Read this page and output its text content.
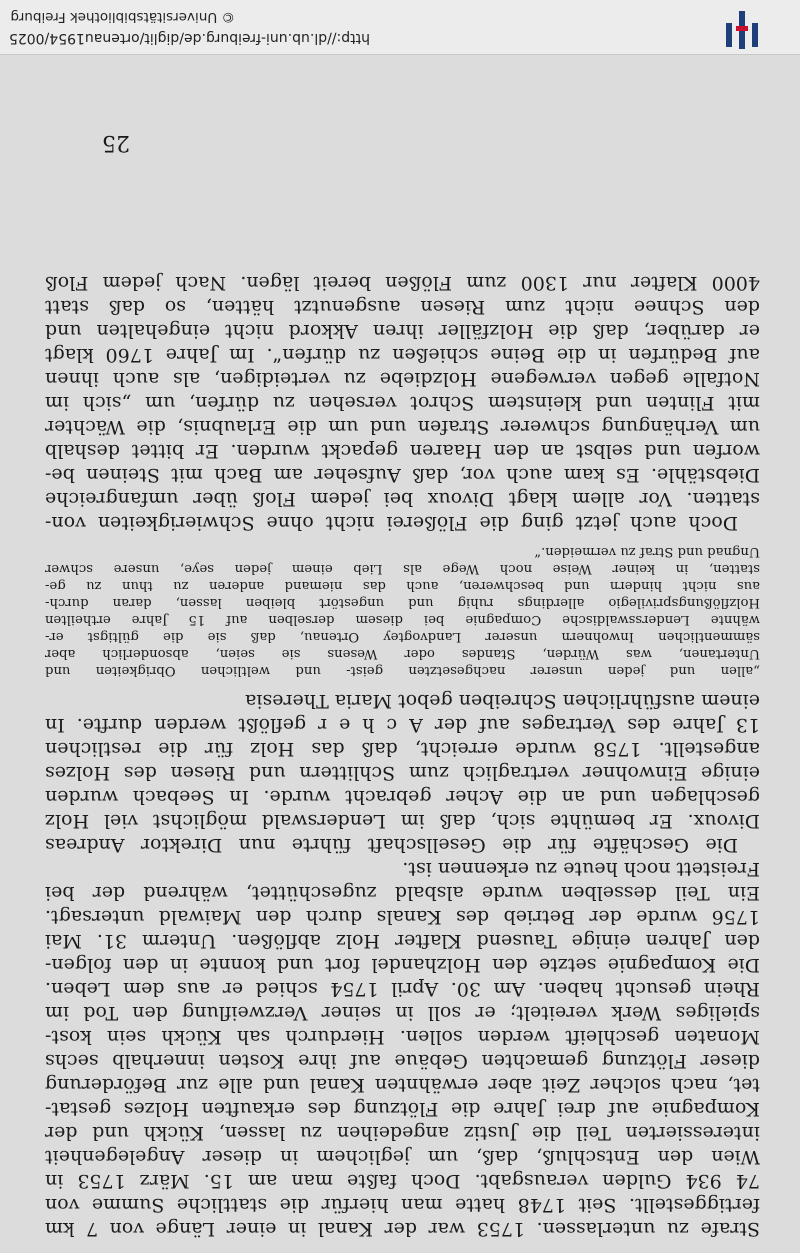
Strafe zu unterlassen. 1753 war der Kanal in einer Länge von 7 km
fertiggestellt. Seit 1748 hatte man hierfür die stattliche Summe von
74 934 Gulden verausgabt. Doch faßte man am 15. März 1753 in
Wien den Entschluß, daß, um jeglichem in dieser Angelegenheit
interessierten Teil die Justiz angedeihen zu lassen, Kückh und der
Kompagnie auf drei Jahre die Flötzung des erkauften Holzes gestat-
tet, nach solcher Zeit aber erwähnten Kanal und alle zur Beförderung
dieser Flötzung gemachten Gebäue auf ihre Kosten innerhalb sechs
Monaten geschleift werden sollen. Hierdurch sah Kückh sein kost-
spieliges Werk vereitelt; er soll in seiner Verzweiflung den Tod im
Rhein gesucht haben. Am 30. April 1754 schied er aus dem Leben.
Die Kompagnie setzte den Holzhandel fort und konnte in den folgen-
den Jahren einige Tausend Klafter Holz abflößen. Unterm 31. Mai
1756 wurde der Betrieb des Kanals durch den Maiwald untersagt.
Ein Teil desselben wurde alsbald zugeschüttet, während der bei
Freistett noch heute zu erkennen ist.
Die Geschäfte für die Gesellschaft führte nun Direktor Andreas
Divoux. Er bemühte sich, daß im Lenderswald möglichst viel Holz
geschlagen und an die Acher gebracht wurde. In Seebach wurden
einige Einwohner vertraglich zum Schlittern und Riesen des Holzes
angestellt. 1758 wurde erreicht, daß das Holz für die restlichen
13 Jahre des Vertrages auf der A c h e r geflößt werden durfte. In
einem ausführlichen Schreiben gebot Maria Theresia
„allen und jeden unserer nachgesetzten geist- und weltlichen Obrigkeiten und
Untertanen, was Würden, Standes oder Wesens sie seien, absonderlich aber
sämmentlichen Inwohnern unserer Landvogtey Ortenau, daß sie die gültigst er-
wähnte Lendersswaldische Compagnie bei diesem derselben auf 15 Jahre ertheilten
Holzflößungsprivilegio allerdings ruhig und ungestört bleiben lassen, daran durch-
aus nicht hindern und beschweren, auch das niemand anderen zu thun zu ge-
statten, in keiner Weise noch Wege als Lieb einem jeden seye, unsere schwer
Ungnad und Straf zu vermeiden.“
Doch auch jetzt ging die Flößerei nicht ohne Schwierigkeiten von-
statten. Vor allem klagt Divoux bei jedem Floß über umfangreiche
Diebstähle. Es kam auch vor, daß Aufseher am Bach mit Steinen be-
worfen und selbst an den Haaren gepackt wurden. Er bittet deshalb
um Verhängung schwerer Strafen und um die Erlaubnis, die Wächter
mit Flinten und kleinstem Schrot versehen zu dürfen, um „sich im
Notfalle gegen verwegene Holzdiebe zu verteidigen, als auch ihnen
auf Bedürfen in die Beine schießen zu dürfen“. Im Jahre 1760 klagt
er darüber, daß die Holzfäller ihren Akkord nicht eingehalten und
den Schnee nicht zum Riesen ausgenutzt hätten, so daß statt
4000 Klafter nur 1300 zum Flößen bereit lägen. Nach jedem Floß
25
http://dl.ub.uni-freiburg.de/diglit/ortenau1954/0025
© Universitätsbibliothek Freiburg
